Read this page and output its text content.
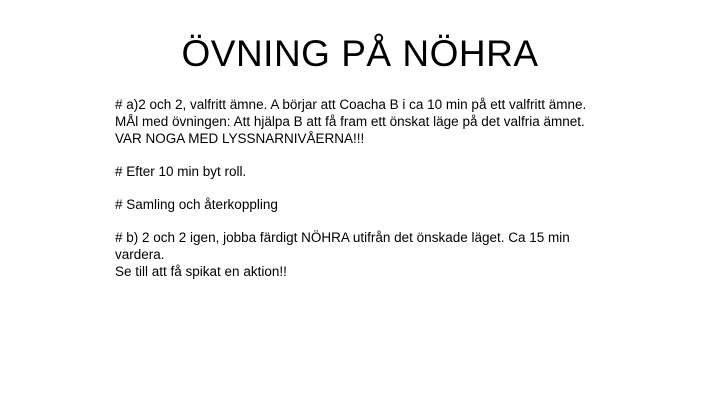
ÖVNING PÅ NÖHRA

# a)2 och 2, valfritt ämne. A börjar att Coacha B i ca 10 min på ett valfritt ämne.
MÅl med övningen: Att hjälpa B att få fram ett önskat läge på det valfria ämnet.
VAR NOGA MED LYSSNARNIVÅERNA!!!

# Efter 10 min byt roll.

# Samling och återkoppling

# b) 2 och 2 igen, jobba färdigt NÖHRA utifrån det önskade läget. Ca 15 min
vardera.
Se till att få spikat en aktion!!
